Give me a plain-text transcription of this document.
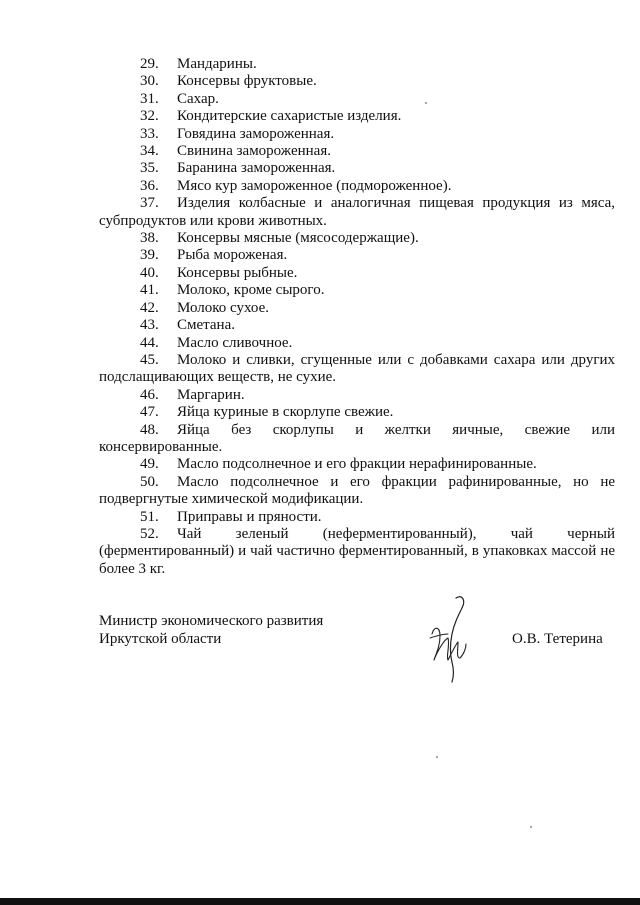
29. Мандарины.
30. Консервы фруктовые.
31. Сахар.
32. Кондитерские сахаристые изделия.
33. Говядина замороженная.
34. Свинина замороженная.
35. Баранина замороженная.
36. Мясо кур замороженное (подмороженное).
37. Изделия колбасные и аналогичная пищевая продукция из мяса, субпродуктов или крови животных.
38. Консервы мясные (мясосодержащие).
39. Рыба мороженая.
40. Консервы рыбные.
41. Молоко, кроме сырого.
42. Молоко сухое.
43. Сметана.
44. Масло сливочное.
45. Молоко и сливки, сгущенные или с добавками сахара или других подслащивающих веществ, не сухие.
46. Маргарин.
47. Яйца куриные в скорлупе свежие.
48. Яйца без скорлупы и желтки яичные, свежие или консервированные.
49. Масло подсолнечное и его фракции нерафинированные.
50. Масло подсолнечное и его фракции рафинированные, но не подвергнутые химической модификации.
51. Приправы и пряности.
52. Чай зеленый (неферментированный), чай черный (ферментированный) и чай частично ферментированный, в упаковках массой не более 3 кг.
Министр экономического развития
Иркутской области	О.В. Тетерина
